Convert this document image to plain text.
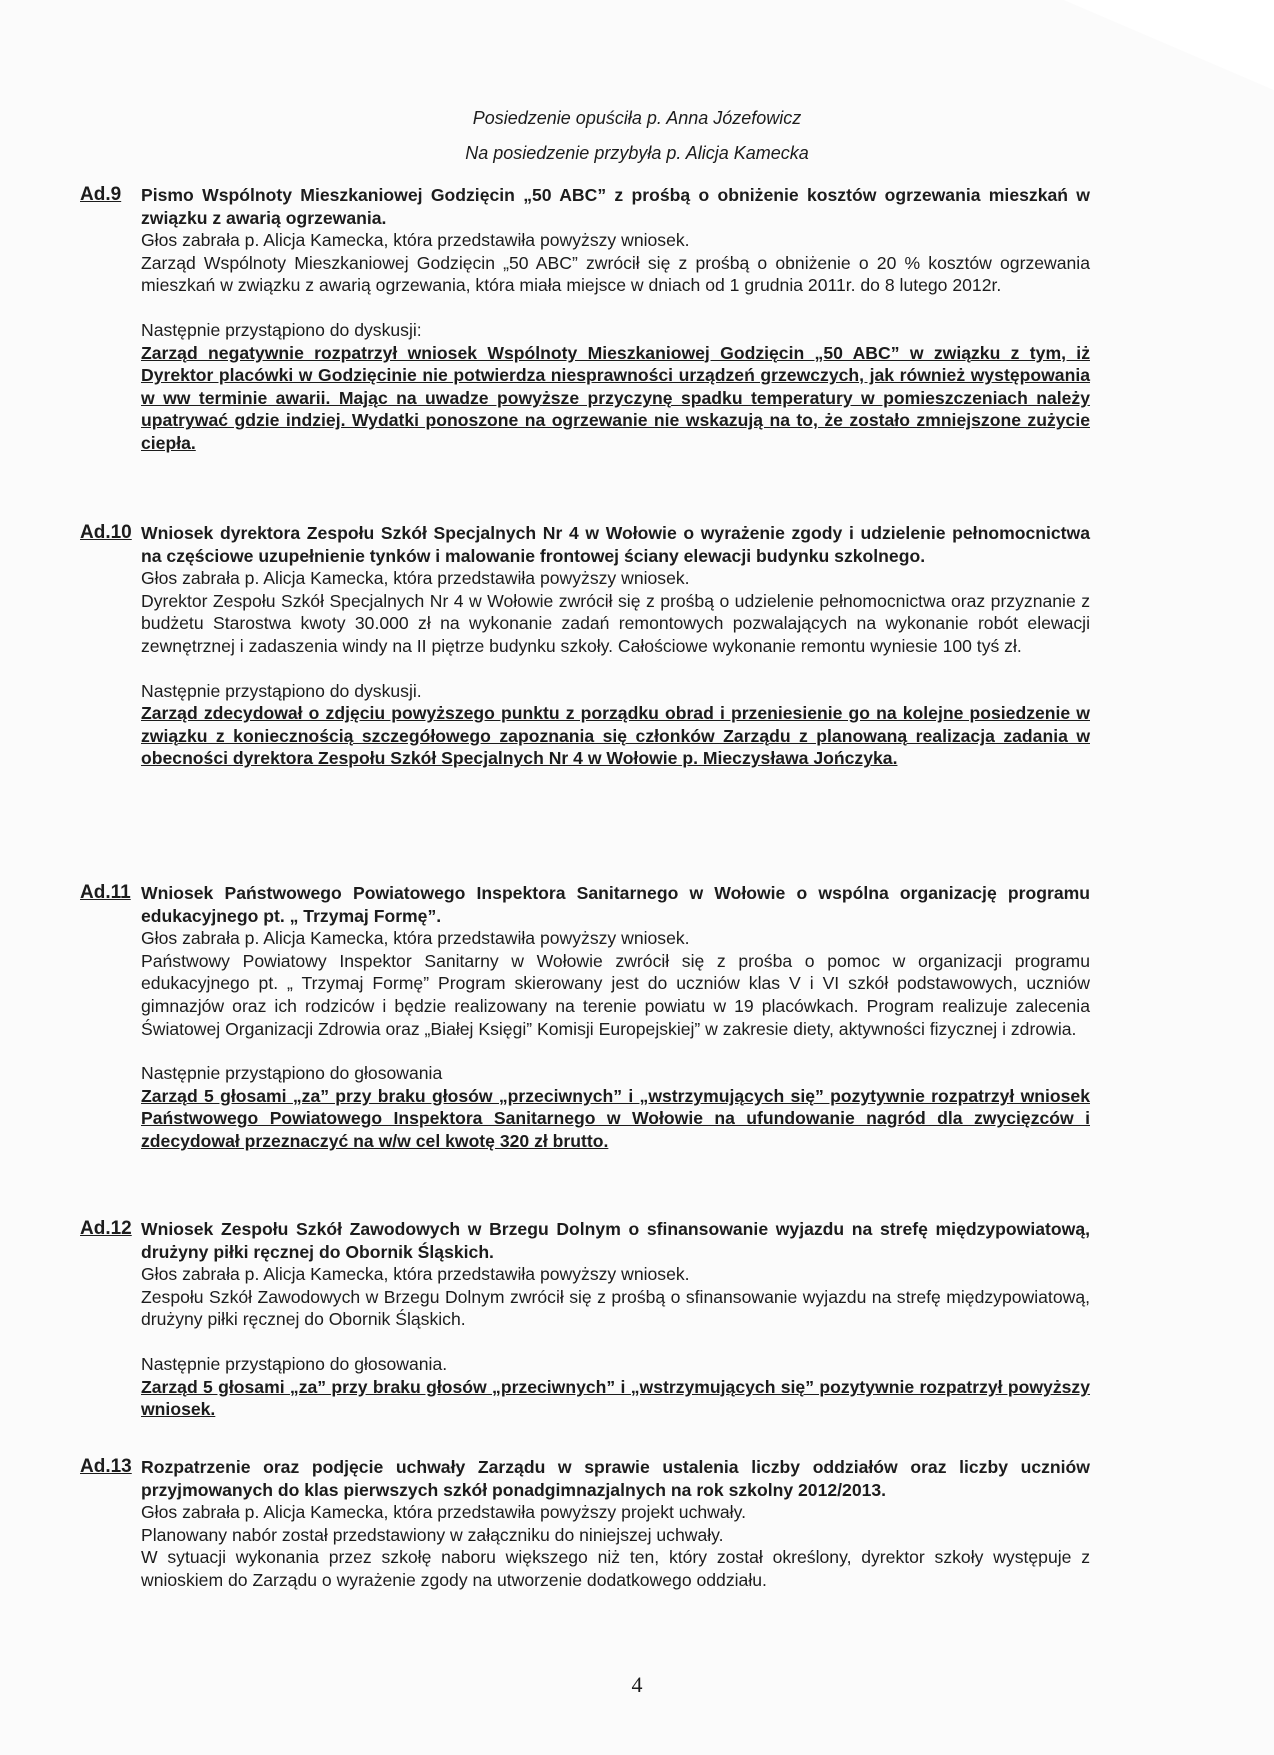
Posiedzenie opuściła p. Anna Józefowicz
Na posiedzenie przybyła p. Alicja Kamecka
Ad.9 Pismo Wspólnoty Mieszkaniowej Godzięcin „50 ABC” z prośbą o obniżenie kosztów ogrzewania mieszkań w związku z awarią ogrzewania.
Głos zabrała p. Alicja Kamecka, która przedstawiła powyższy wniosek.
Zarząd Wspólnoty Mieszkaniowej Godzięcin „50 ABC” zwrócił się z prośbą o obniżenie o 20 % kosztów ogrzewania mieszkań w związku z awarią ogrzewania, która miała miejsce w dniach od 1 grudnia 2011r. do 8 lutego 2012r.
Następnie przystąpiono do dyskusji:
Zarząd negatywnie rozpatrzył wniosek Wspólnoty Mieszkaniowej Godzięcin „50 ABC” w związku z tym, iż Dyrektor placówki w Godzięcinie nie potwierdza niesprawności urządzeń grzewczych, jak również występowania w ww terminie awarii. Mając na uwadze powyższe przyczynę spadku temperatury w pomieszczeniach należy upatrywać gdzie indziej. Wydatki ponoszone na ogrzewanie nie wskazują na to, że zostało zmniejszone zużycie ciepła.
Ad.10 Wniosek dyrektora Zespołu Szkół Specjalnych Nr 4 w Wołowie o wyrażenie zgody i udzielenie pełnomocnictwa na częściowe uzupełnienie tynków i malowanie frontowej ściany elewacji budynku szkolnego.
Głos zabrała p. Alicja Kamecka, która przedstawiła powyższy wniosek.
Dyrektor Zespołu Szkół Specjalnych Nr 4 w Wołowie zwrócił się z prośbą o udzielenie pełnomocnictwa oraz przyznanie z budżetu Starostwa kwoty 30.000 zł na wykonanie zadań remontowych pozwalających na wykonanie robót elewacji zewnętrznej i zadaszenia windy na II piętrze budynku szkoły. Całościowe wykonanie remontu wyniesie 100 tyś zł.
Następnie przystąpiono do dyskusji.
Zarząd zdecydował o zdjęciu powyższego punktu z porządku obrad i przeniesienie go na kolejne posiedzenie w związku z koniecznością szczegółowego zapoznania się członków Zarządu z planowaną realizacja zadania w obecności dyrektora Zespołu Szkół Specjalnych Nr 4 w Wołowie p. Mieczysława Jończyka.
Ad.11 Wniosek Państwowego Powiatowego Inspektora Sanitarnego w Wołowie o wspólna organizację programu edukacyjnego pt. „ Trzymaj Formę”.
Głos zabrała p. Alicja Kamecka, która przedstawiła powyższy wniosek.
Państwowy Powiatowy Inspektor Sanitarny w Wołowie zwrócił się z prośba o pomoc w organizacji programu edukacyjnego pt. „ Trzymaj Formę” Program skierowany jest do uczniów klas V i VI szkół podstawowych, uczniów gimnazjów oraz ich rodziców i będzie realizowany na terenie powiatu w 19 placówkach. Program realizuje zalecenia Światowej Organizacji Zdrowia oraz „Białej Księgi” Komisji Europejskiej” w zakresie diety, aktywności fizycznej i zdrowia.
Następnie przystąpiono do głosowania
Zarząd 5 głosami „za” przy braku głosów „przeciwnych” i „wstrzymujących się” pozytywnie rozpatrzył wniosek Państwowego Powiatowego Inspektora Sanitarnego w Wołowie na ufundowanie nagród dla zwycięzców i zdecydował przeznaczyć na w/w cel kwotę 320 zł brutto.
Ad.12 Wniosek Zespołu Szkół Zawodowych w Brzegu Dolnym o sfinansowanie wyjazdu na strefę międzypowiatową, drużyny piłki ręcznej do Obornik Śląskich.
Głos zabrała p. Alicja Kamecka, która przedstawiła powyższy wniosek.
Zespołu Szkół Zawodowych w Brzegu Dolnym zwrócił się z prośbą o sfinansowanie wyjazdu na strefę międzypowiatową, drużyny piłki ręcznej do Obornik Śląskich.
Następnie przystąpiono do głosowania.
Zarząd 5 głosami „za” przy braku głosów „przeciwnych” i „wstrzymujących się” pozytywnie rozpatrzył powyższy wniosek.
Ad.13 Rozpatrzenie oraz podjęcie uchwały Zarządu w sprawie ustalenia liczby oddziałów oraz liczby uczniów przyjmowanych do klas pierwszych szkół ponadgimnazjalnych na rok szkolny 2012/2013.
Głos zabrała p. Alicja Kamecka, która przedstawiła powyższy projekt uchwały.
Planowany nabór został przedstawiony w załączniku do niniejszej uchwały.
W sytuacji wykonania przez szkołę naboru większego niż ten, który został określony, dyrektor szkoły występuje z wnioskiem do Zarządu o wyrażenie zgody na utworzenie dodatkowego oddziału.
4
